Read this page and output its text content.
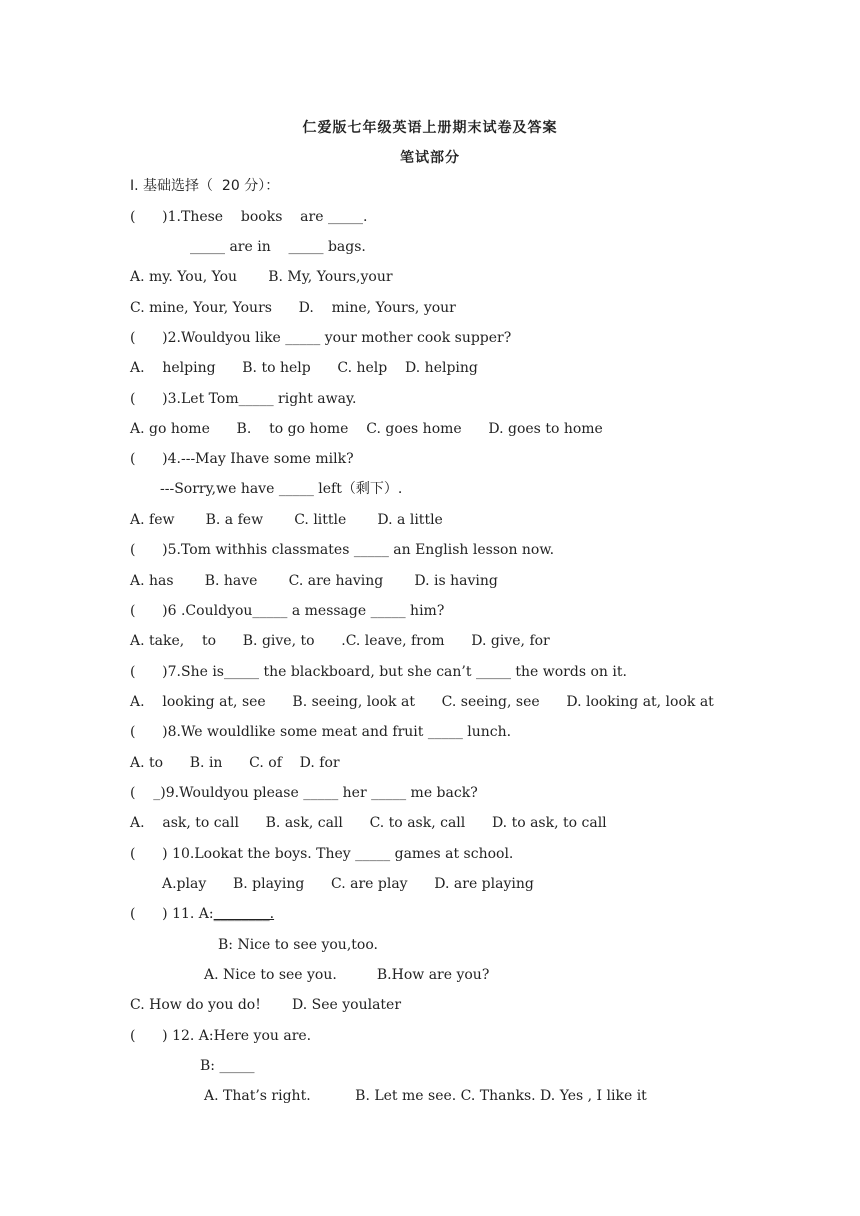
仁爱版七年级英语上册期末试卷及答案
笔试部分
Ⅰ. 基础选择（  20 分）：
(      )1.These    books    are _____.
_____ are in    _____ bags.
A. my. You, You       B. My, Yours,your
C. mine, Your, Yours      D.    mine, Yours, your
(      )2.Wouldyou like _____ your mother cook supper?
A.    helping      B. to help      C. help    D. helping
(      )3.Let Tom_____ right away.
A. go home      B.    to go home    C. goes home      D. goes to home
(      )4.---May Ihave some milk?
---Sorry,we have _____ left（剩下）.
A. few       B. a few       C. little       D. a little
(      )5.Tom withhis classmates _____ an English lesson now.
A. has       B. have       C. are having       D. is having
(      )6 .Couldyou_____ a message _____ him?
A. take,    to      B. give, to      .C. leave, from      D. give, for
(      )7.She is_____ the blackboard, but she can’t _____ the words on it.
A.    looking at, see      B. seeing, look at      C. seeing, see      D. looking at, look at
(      )8.We wouldlike some meat and fruit _____ lunch.
A. to      B. in      C. of    D. for
(    _)9.Wouldyou please _____ her _____ me back?
A.    ask, to call      B. ask, call      C. to ask, call      D. to ask, to call
(      ) 10.Lookat the boys. They _____ games at school.
A.play      B. playing      C. are play      D. are playing
(      ) 11. A:________.
B: Nice to see you,too.
A. Nice to see you.         B.How are you?
C. How do you do!       D. See youlater
(      ) 12. A:Here you are.
B: _____
A. That’s right.          B. Let me see. C. Thanks. D. Yes , I like it
